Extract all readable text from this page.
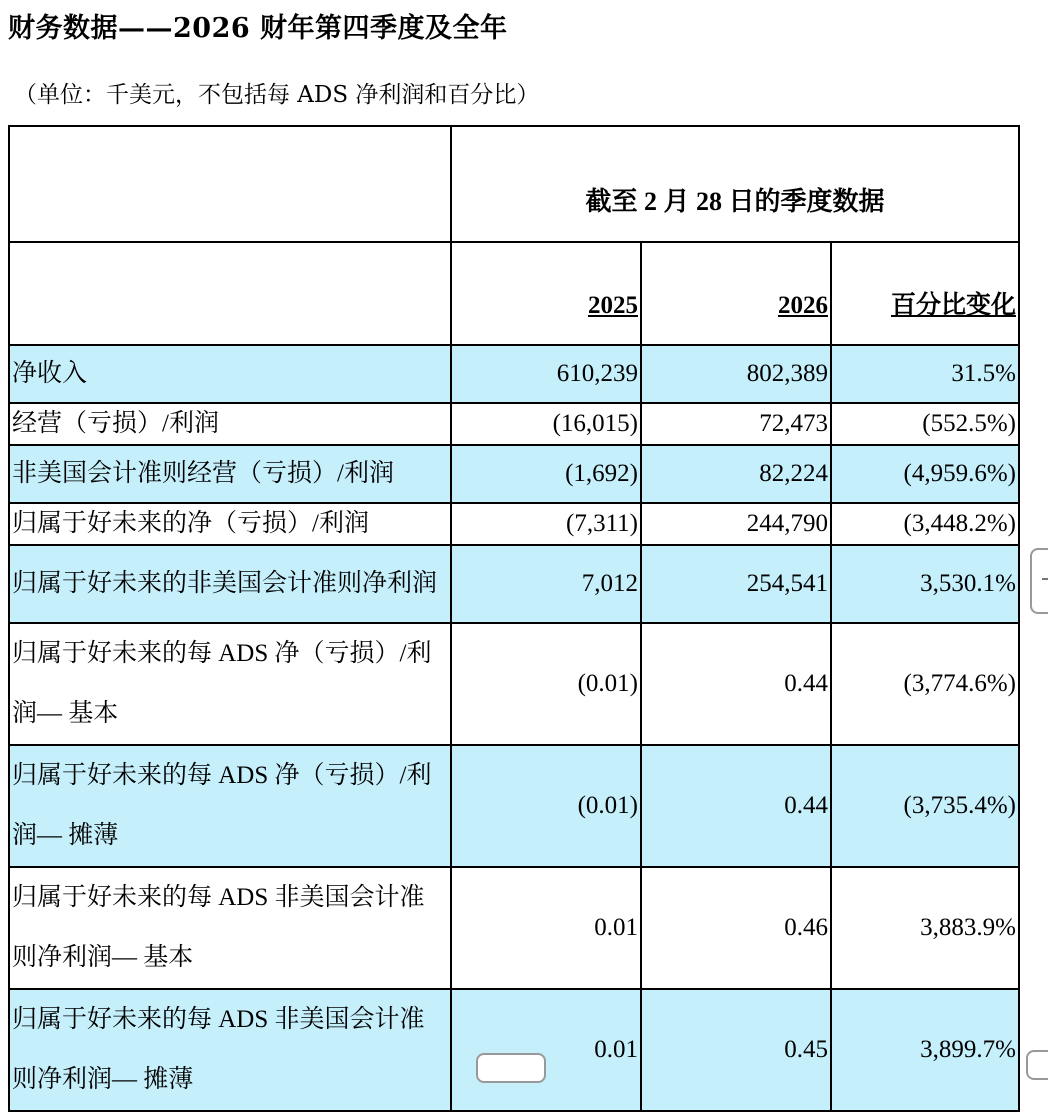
财务数据——2026 财年第四季度及全年
（单位：千美元，不包括每 ADS 净利润和百分比）
	截至 2 月 28 日的季度数据		
	2025	2026	百分比变化
净收入	610,239	802,389	31.5%
经营（亏损）/利润	(16,015)	72,473	(552.5%)
非美国会计准则经营（亏损）/利润	(1,692)	82,224	(4,959.6%)
归属于好未来的净（亏损）/利润	(7,311)	244,790	(3,448.2%)
归属于好未来的非美国会计准则净利润	7,012	254,541	3,530.1%
归属于好未来的每 ADS 净（亏损）/利润— 基本	(0.01)	0.44	(3,774.6%)
归属于好未来的每 ADS 净（亏损）/利润— 摊薄	(0.01)	0.44	(3,735.4%)
归属于好未来的每 ADS 非美国会计准则净利润— 基本	0.01	0.46	3,883.9%
归属于好未来的每 ADS 非美国会计准则净利润— 摊薄	0.01	0.45	3,899.7%
